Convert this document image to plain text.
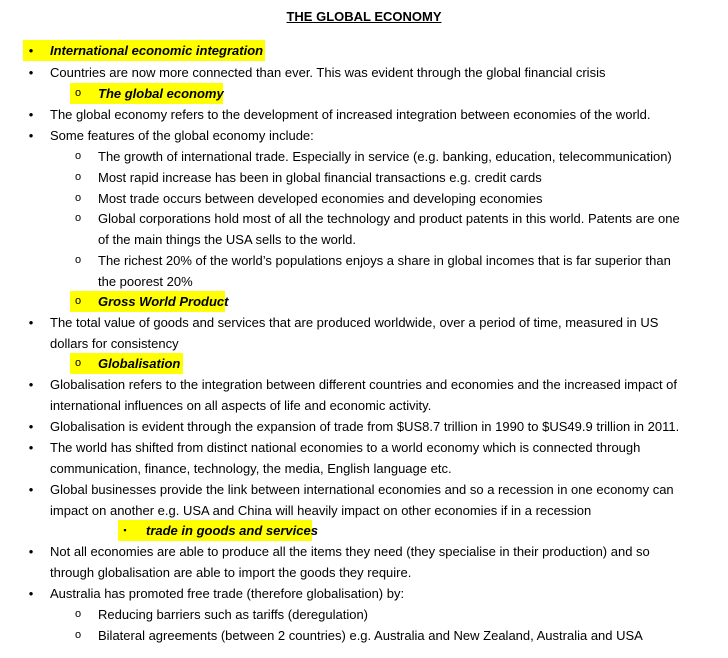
THE GLOBAL ECONOMY
• International economic integration
• Countries are now more connected than ever. This was evident through the global financial crisis
o The global economy
• The global economy refers to the development of increased integration between economies of the world.
• Some features of the global economy include:
o The growth of international trade. Especially in service (e.g. banking, education, telecommunication)
o Most rapid increase has been in global financial transactions e.g. credit cards
o Most trade occurs between developed economies and developing economies
o Global corporations hold most of all the technology and product patents in this world. Patents are one
of the main things the USA sells to the world.
o The richest 20% of the world’s populations enjoys a share in global incomes that is far superior than
the poorest 20%
o Gross World Product
• The total value of goods and services that are produced worldwide, over a period of time, measured in US
dollars for consistency
o Globalisation
• Globalisation refers to the integration between different countries and economies and the increased impact of
international influences on all aspects of life and economic activity.
• Globalisation is evident through the expansion of trade from $US8.7 trillion in 1990 to $US49.9 trillion in 2011.
• The world has shifted from distinct national economies to a world economy which is connected through
communication, finance, technology, the media, English language etc.
• Global businesses provide the link between international economies and so a recession in one economy can
impact on another e.g. USA and China will heavily impact on other economies if in a recession
▪ trade in goods and services
• Not all economies are able to produce all the items they need (they specialise in their production) and so
through globalisation are able to import the goods they require.
• Australia has promoted free trade (therefore globalisation) by:
o Reducing barriers such as tariffs (deregulation)
o Bilateral agreements (between 2 countries) e.g. Australia and New Zealand, Australia and USA
